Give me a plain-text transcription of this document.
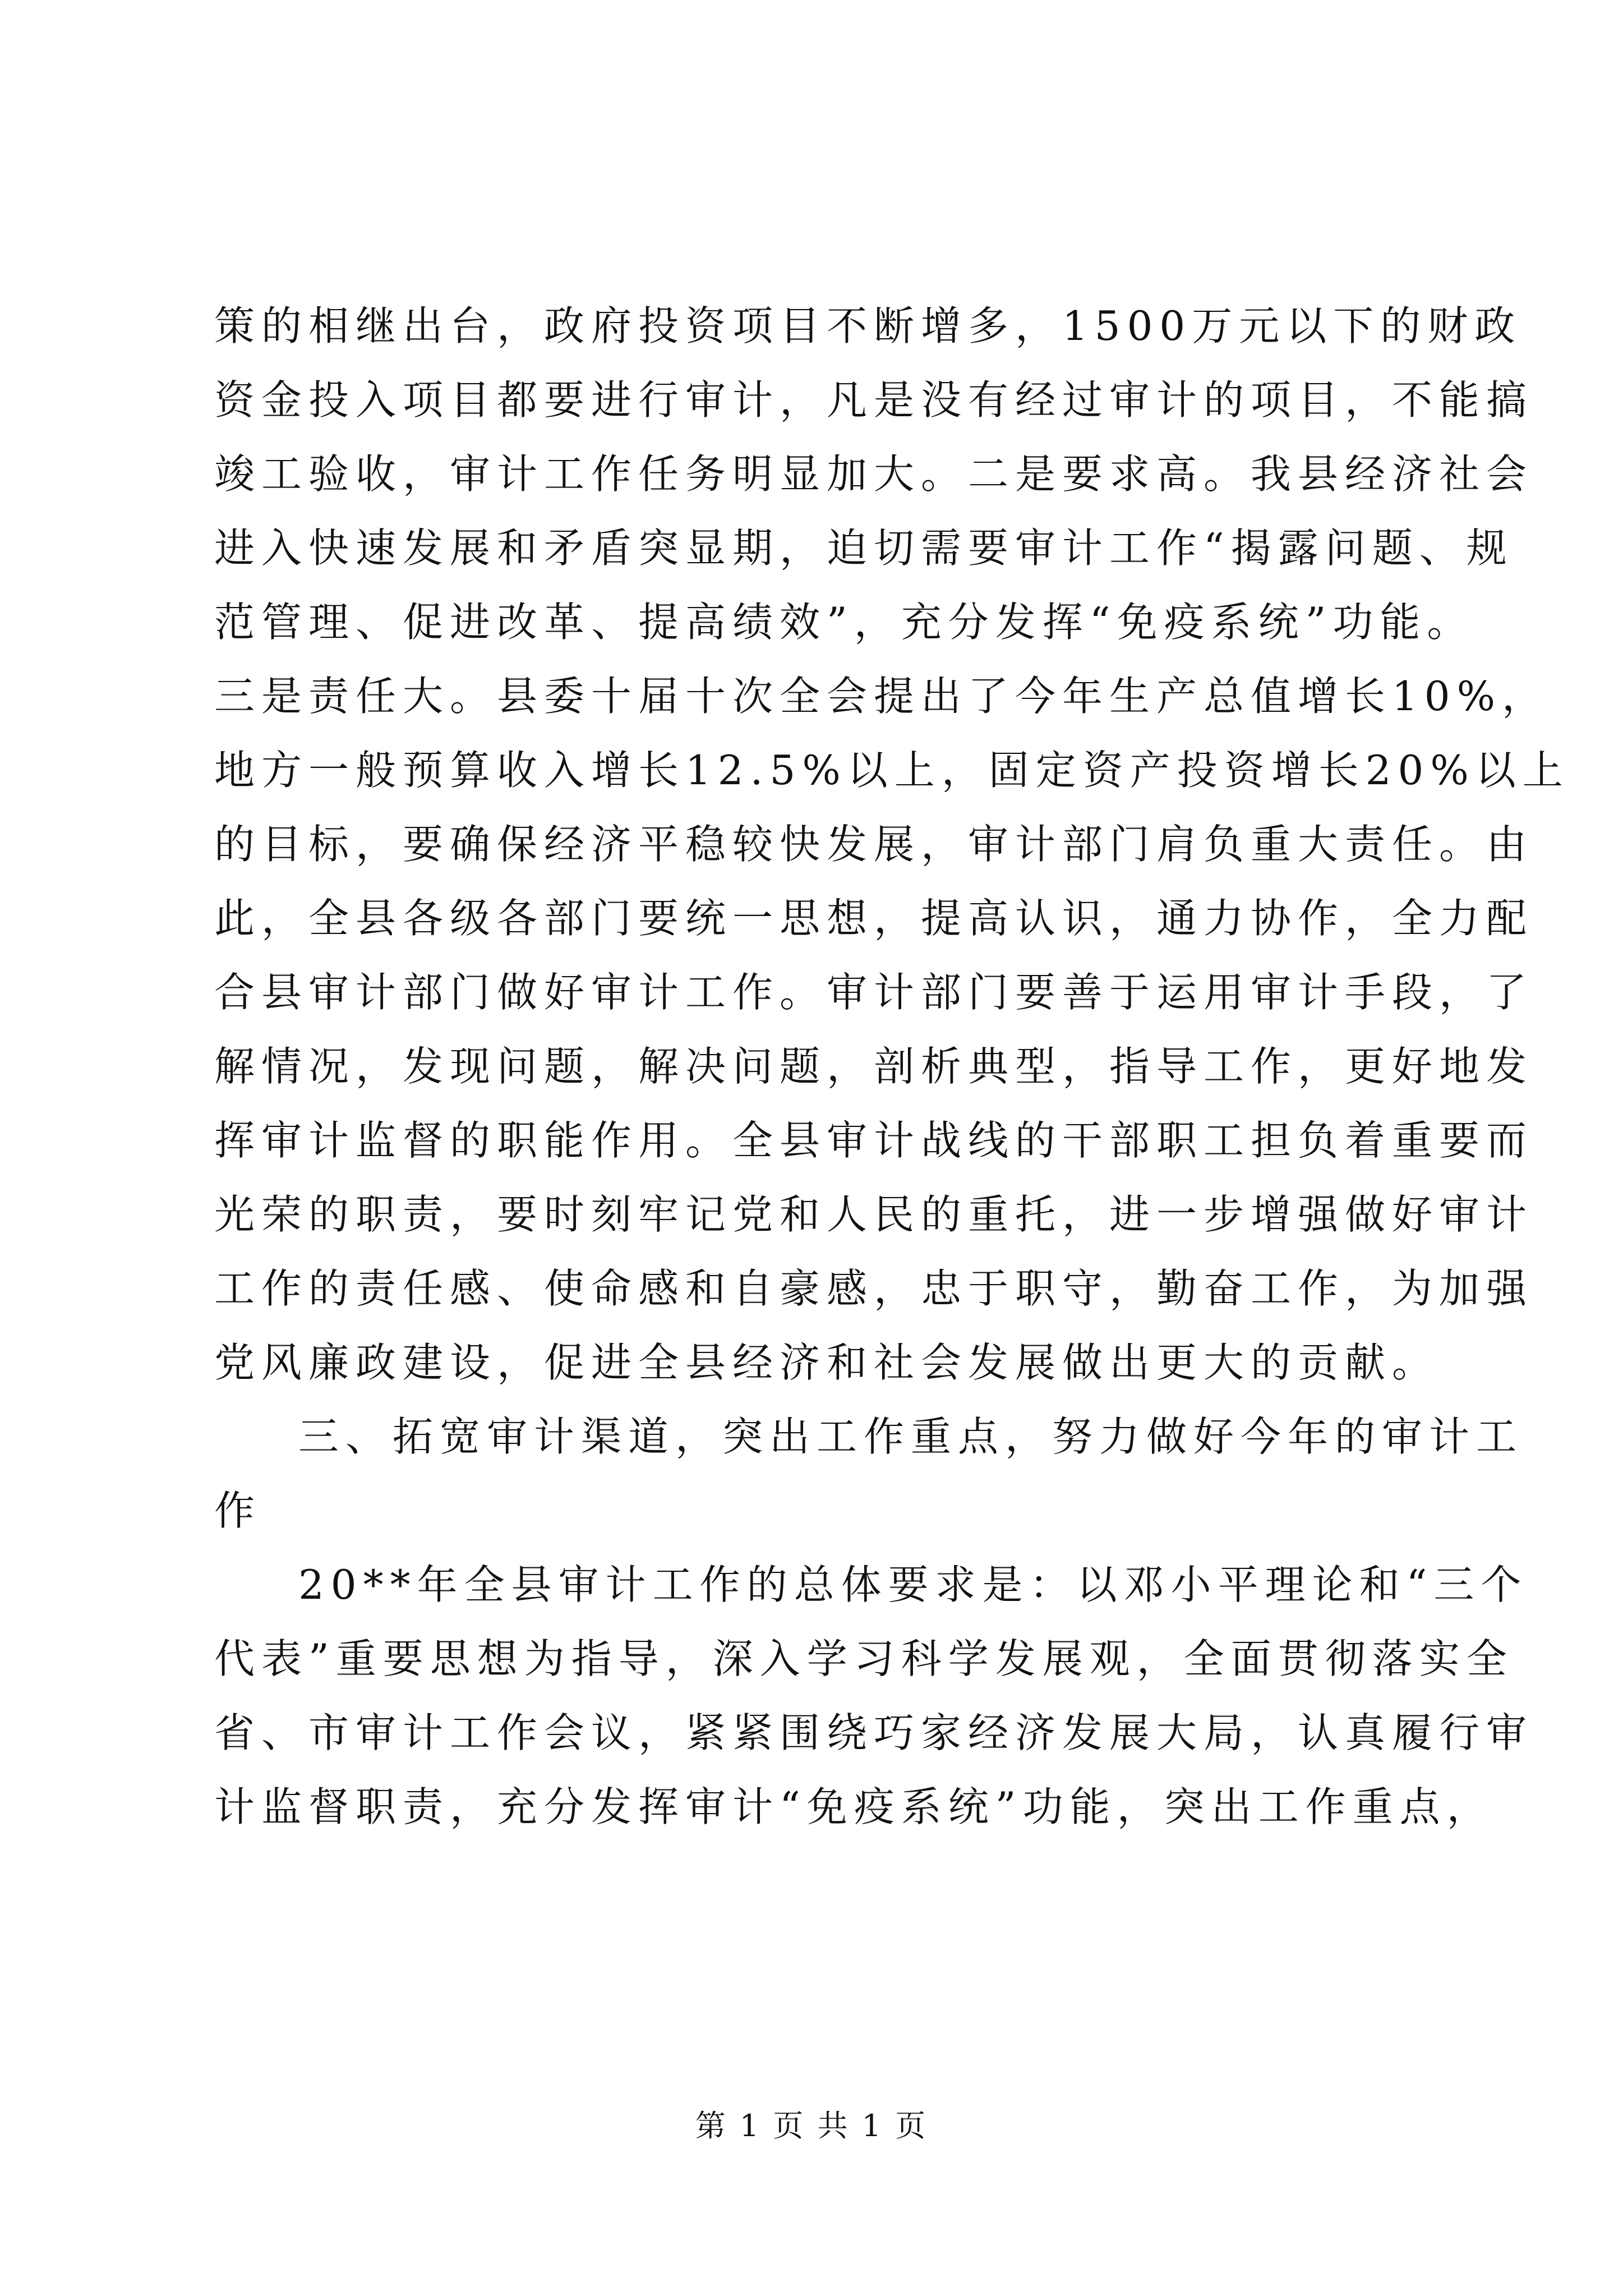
策的相继出台，政府投资项目不断增多，1500万元以下的财政
资金投入项目都要进行审计，凡是没有经过审计的项目，不能搞
竣工验收，审计工作任务明显加大。二是要求高。我县经济社会
进入快速发展和矛盾突显期，迫切需要审计工作“揭露问题、规
范管理、促进改革、提高绩效”，充分发挥“免疫系统”功能。
三是责任大。县委十届十次全会提出了今年生产总值增长10%，
地方一般预算收入增长12.5%以上，固定资产投资增长20%以上
的目标，要确保经济平稳较快发展，审计部门肩负重大责任。由
此，全县各级各部门要统一思想，提高认识，通力协作，全力配
合县审计部门做好审计工作。审计部门要善于运用审计手段，了
解情况，发现问题，解决问题，剖析典型，指导工作，更好地发
挥审计监督的职能作用。全县审计战线的干部职工担负着重要而
光荣的职责，要时刻牢记党和人民的重托，进一步增强做好审计
工作的责任感、使命感和自豪感，忠于职守，勤奋工作，为加强
党风廉政建设，促进全县经济和社会发展做出更大的贡献。
三、拓宽审计渠道，突出工作重点，努力做好今年的审计工
作
20**年全县审计工作的总体要求是：以邓小平理论和“三个
代表”重要思想为指导，深入学习科学发展观，全面贯彻落实全
省、市审计工作会议，紧紧围绕巧家经济发展大局，认真履行审
计监督职责，充分发挥审计“免疫系统”功能，突出工作重点，
第 1 页 共 1 页
